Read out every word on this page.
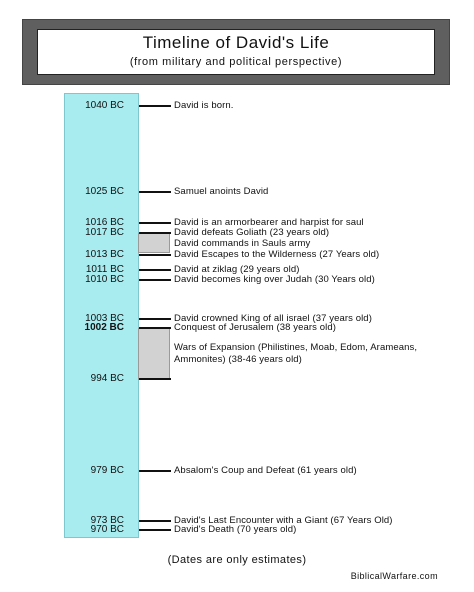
Timeline of David's Life
(from military and political perspective)
1040 BC
1025 BC
1016 BC
1017 BC
1013 BC
1011 BC
1010 BC
1003 BC
1002 BC
994 BC
979 BC
973 BC
970 BC
David is born.
Samuel anoints David
David is an armorbearer and harpist for saul
David defeats Goliath (23 years old)
David commands in Sauls army
David Escapes to the Wilderness (27 Years old)
David at ziklag (29 years old)
David becomes king over Judah (30 Years old)
David crowned King of all israel (37 years old)
Conquest of Jerusalem (38 years old)
Wars of Expansion (Philistines, Moab, Edom, Arameans, Ammonites) (38-46 years old)
Absalom's Coup and Defeat (61 years old)
David's Last Encounter with a Giant (67 Years Old)
David's Death (70 years old)
(Dates are only estimates)
BiblicalWarfare.com
